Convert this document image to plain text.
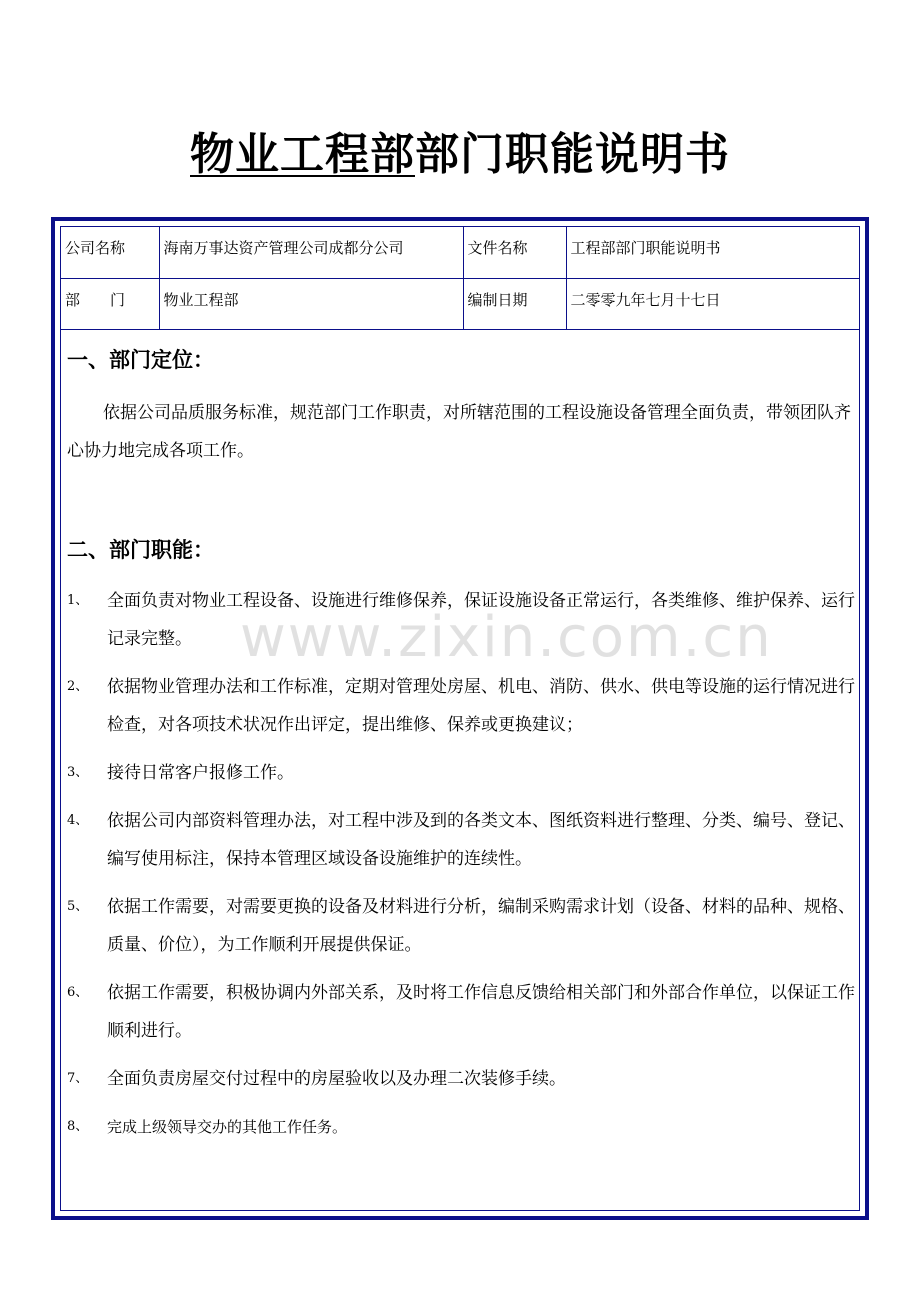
物业工程部部门职能说明书
公司名称	海南万事达资产管理公司成都分公司	文件名称	工程部部门职能说明书
部　　门	物业工程部	编制日期	二零零九年七月十七日
一、部门定位：
依据公司品质服务标准，规范部门工作职责，对所辖范围的工程设施设备管理全面负责，带领团队齐心协力地完成各项工作。
二、部门职能：
1、	全面负责对物业工程设备、设施进行维修保养，保证设施设备正常运行，各类维修、维护保养、运行记录完整。
2、	依据物业管理办法和工作标准，定期对管理处房屋、机电、消防、供水、供电等设施的运行情况进行检查，对各项技术状况作出评定，提出维修、保养或更换建议；
3、	接待日常客户报修工作。
4、	依据公司内部资料管理办法，对工程中涉及到的各类文本、图纸资料进行整理、分类、编号、登记、编写使用标注，保持本管理区域设备设施维护的连续性。
5、	依据工作需要，对需要更换的设备及材料进行分析，编制采购需求计划（设备、材料的品种、规格、质量、价位），为工作顺利开展提供保证。
6、	依据工作需要，积极协调内外部关系，及时将工作信息反馈给相关部门和外部合作单位，以保证工作顺利进行。
7、	全面负责房屋交付过程中的房屋验收以及办理二次装修手续。
8、	完成上级领导交办的其他工作任务。
www.zixin.com.cn
